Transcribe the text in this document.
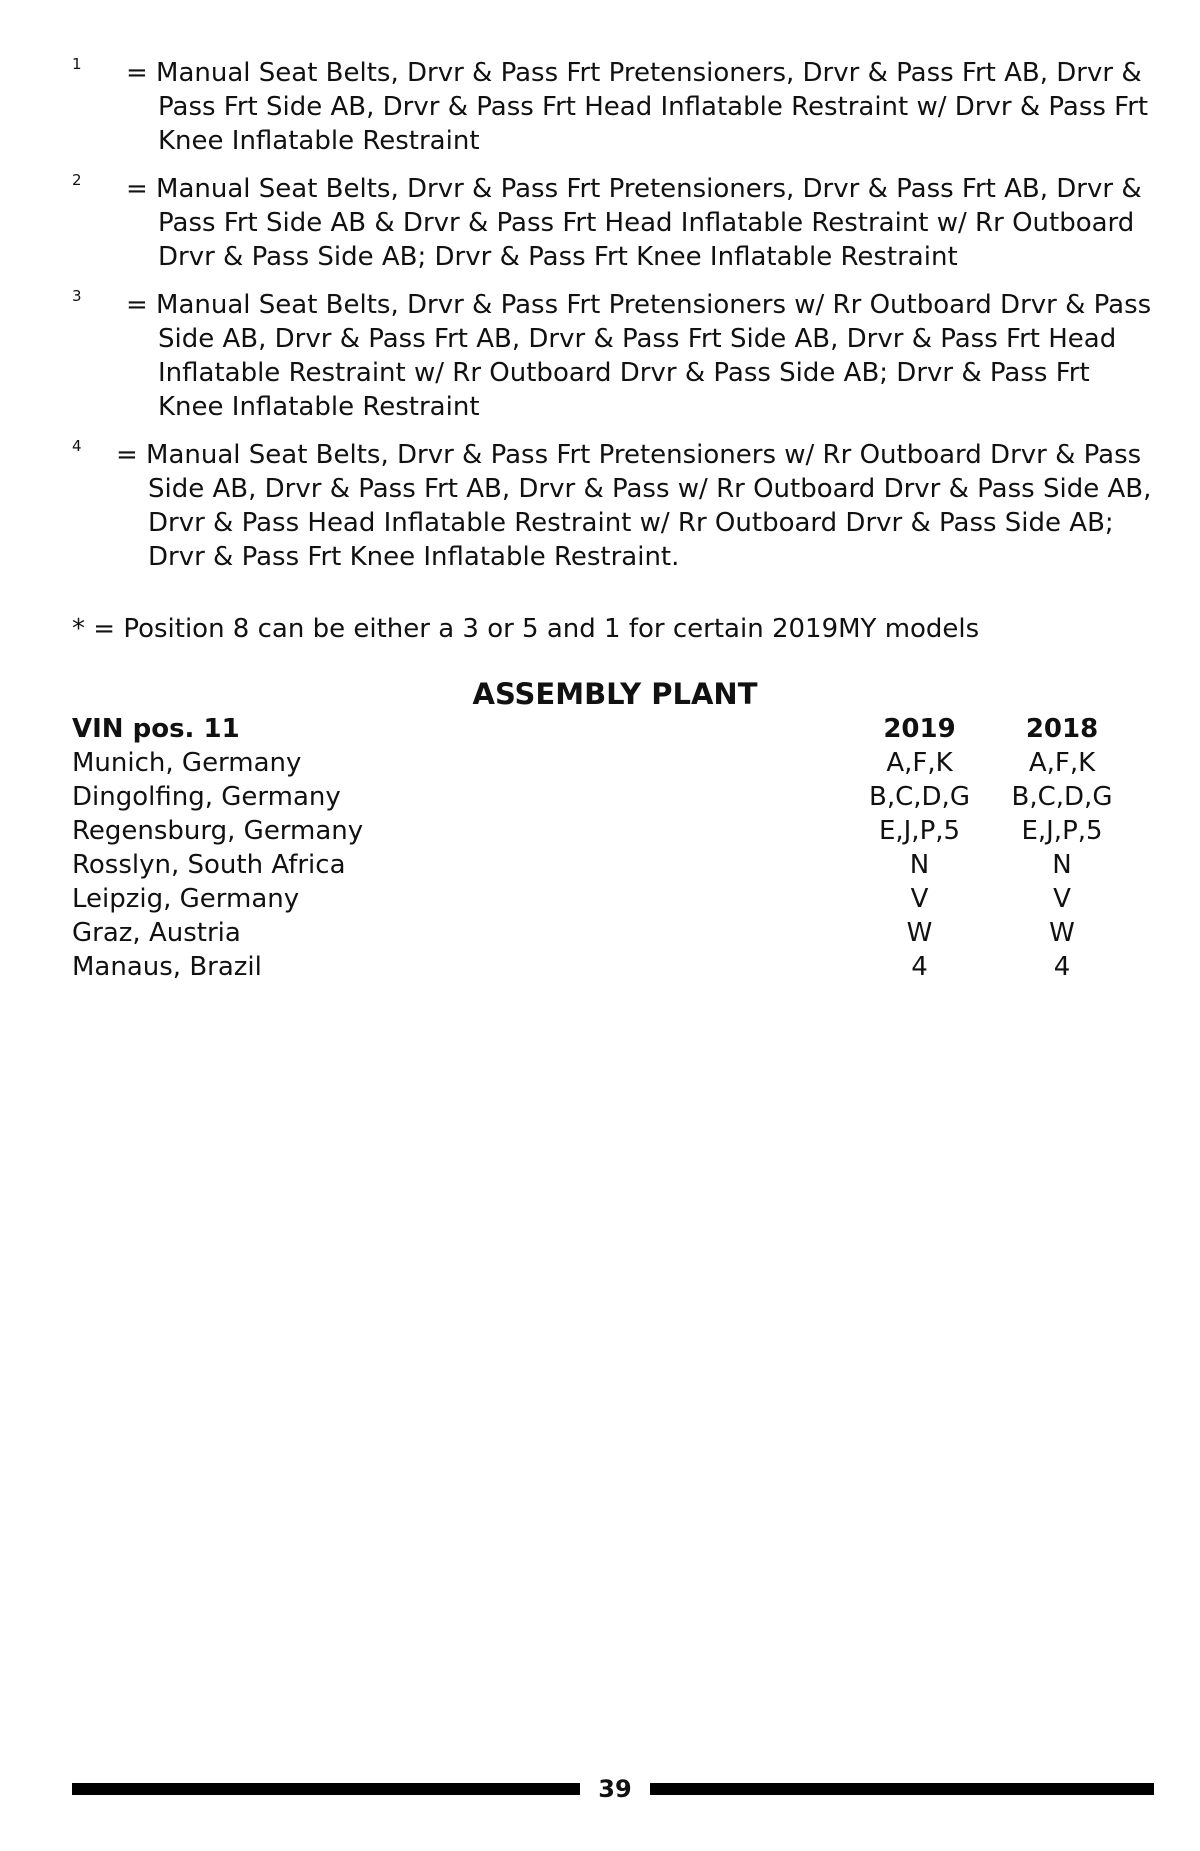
$^1$	= Manual Seat Belts, Drvr & Pass Frt Pretensioners, Drvr & Pass Frt AB, Drvr & Pass Frt Side AB, Drvr & Pass Frt Head Inflatable Restraint w/ Drvr & Pass Frt Knee Inflatable Restraint
$^2$	= Manual Seat Belts, Drvr & Pass Frt Pretensioners, Drvr & Pass Frt AB, Drvr & Pass Frt Side AB & Drvr & Pass Frt Head Inflatable Restraint w/ Rr Outboard Drvr & Pass Side AB; Drvr & Pass Frt Knee Inflatable Restraint
$^3$	= Manual Seat Belts, Drvr & Pass Frt Pretensioners w/ Rr Outboard Drvr & Pass Side AB, Drvr & Pass Frt AB, Drvr & Pass Frt Side AB, Drvr & Pass Frt Head Inflatable Restraint w/ Rr Outboard Drvr & Pass Side AB; Drvr & Pass Frt Knee Inflatable Restraint
$^4$	= Manual Seat Belts, Drvr & Pass Frt Pretensioners w/ Rr Outboard Drvr & Pass Side AB, Drvr & Pass Frt AB, Drvr & Pass w/ Rr Outboard Drvr & Pass Side AB, Drvr & Pass Head Inflatable Restraint w/ Rr Outboard Drvr & Pass Side AB; Drvr & Pass Frt Knee Inflatable Restraint.
* = Position 8 can be either a 3 or 5 and 1 for certain 2019MY models
ASSEMBLY PLANT
VIN pos. 11	2019	2018
Munich, Germany	A,F,K	A,F,K
Dingolfing, Germany	B,C,D,G	B,C,D,G
Regensburg, Germany	E,J,P,5	E,J,P,5
Rosslyn, South Africa	N	N
Leipzig, Germany	V	V
Graz, Austria	W	W
Manaus, Brazil	4	4
39
